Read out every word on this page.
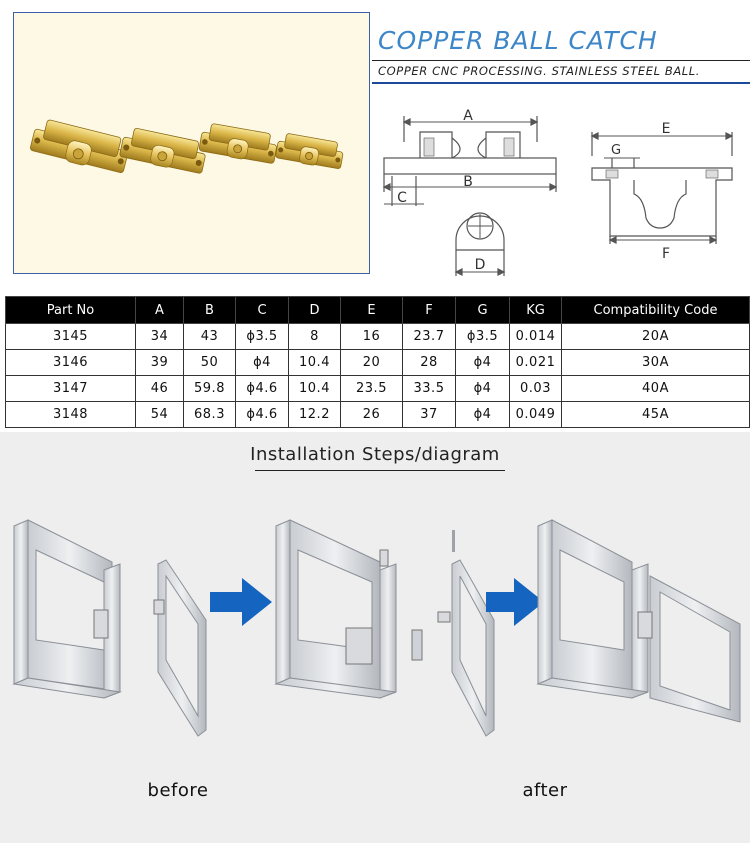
COPPER BALL CATCH
COPPER CNC PROCESSING. STAINLESS STEEL BALL.
A
B
C
D
E
G
F
Part No	A	B	C	D	E	F	G	KG	Compatibility Code
3145	34	43	ϕ3.5	8	16	23.7	ϕ3.5	0.014	20A
3146	39	50	ϕ4	10.4	20	28	ϕ4	0.021	30A
3147	46	59.8	ϕ4.6	10.4	23.5	33.5	ϕ4	0.03	40A
3148	54	68.3	ϕ4.6	12.2	26	37	ϕ4	0.049	45A
Installation Steps/diagram
before	after
